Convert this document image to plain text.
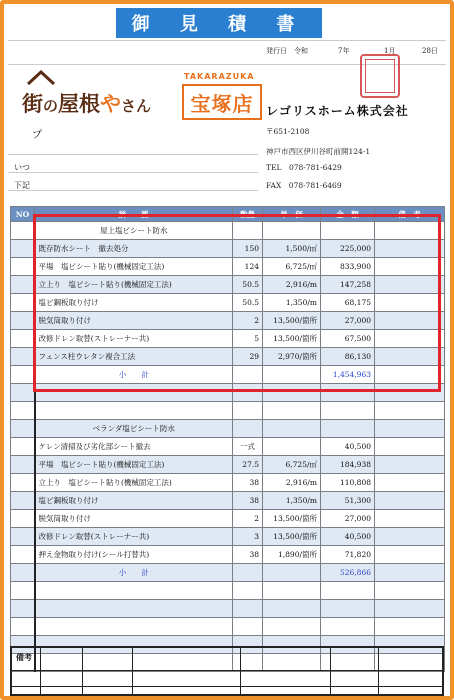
御 見 積 書
発行日 令和	7年	1月	28日
レゴリスホーム株式会社
〒651-2108
神戸市西区伊川谷町前開124-1
TEL　078-781-6429
FAX　078-781-6469
プ
いつ
下記
街の屋根やさん
TAKARAZUKA
宝塚店
NO	摘　　要	数量	単　価	金　額	備　考
	屋上塩ビシート防水				
	既存防水シート　撤去処分	150	1,500/㎡	225,000	
	平場　塩ビシート貼り(機械固定工法)	124	6,725/㎡	833,900	
	立上り　塩ビシート貼り(機械固定工法)	50.5	2,916/m	147,258	
	塩ビ鋼板取り付け	50.5	1,350/m	68,175	
	脱気筒取り付け	2	13,500/箇所	27,000	
	改修ドレン取替(ストレーナー共)	5	13,500/箇所	67,500	
	フェンス柱ウレタン複合工法	29	2,970/箇所	86,130	
	小　　計			1,454,963	

	ベランダ塩ビシート防水				
	ケレン清掃及び劣化部シート撤去	一式		40,500	
	平場　塩ビシート貼り(機械固定工法)	27.5	6,725/㎡	184,938	
	立上り　塩ビシート貼り(機械固定工法)	38	2,916/m	110,808	
	塩ビ鋼板取り付け	38	1,350/m	51,300	
	脱気筒取り付け	2	13,500/箇所	27,000	
	改修ドレン取替(ストレーナー共)	3	13,500/箇所	40,500	
	押え金物取り付け(シール打替共)	38	1,890/箇所	71,820	
	小　　計			526,866	

備考
